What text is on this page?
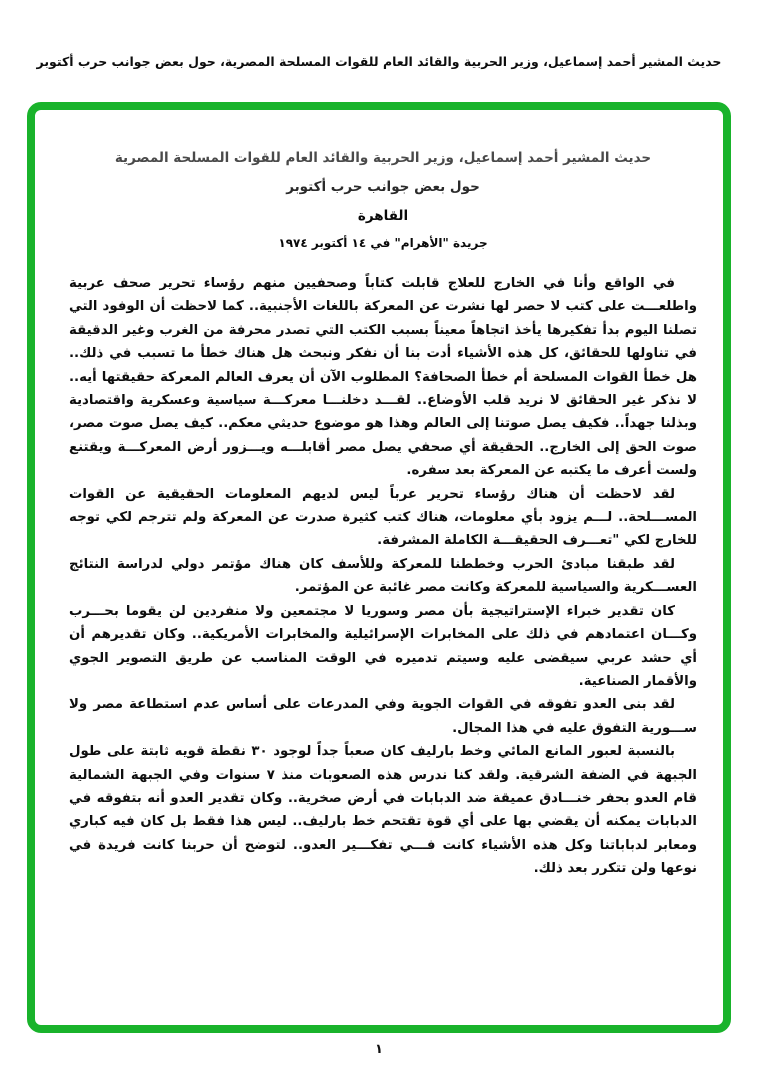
حديث المشير أحمد إسماعيل، وزير الحربية والقائد العام للقوات المسلحة المصرية، حول بعض جوانب حرب أكتوبر
حديث المشير أحمد إسماعيل، وزير الحربية والقائد العام للقوات المسلحة المصرية
حول بعض جوانب حرب أكتوبر
القاهرة
جريدة "الأهرام" في ١٤ أكتوبر ١٩٧٤

في الواقع وأنا في الخارج للعلاج قابلت كتاباً وصحفيين منهم رؤساء تحرير صحف عربية واطلعـــت على كتب لا حصر لها نشرت عن المعركة باللغات الأجنبية.. كما لاحظت أن الوفود التي تصلنا اليوم بدأ تفكيرها يأخذ اتجاهاً معيناً بسبب الكتب التي تصدر محرفة من الغرب وغير الدقيقة في تناولها للحقائق، كل هذه الأشياء أدت بنا أن نفكر ونبحث هل هناك خطأ ما تسبب في ذلك.. هل خطأ القوات المسلحة أم خطأ الصحافة؟ المطلوب الآن أن يعرف العالم المعركة حقيقتها أيه.. لا نذكر غير الحقائق لا نريد قلب الأوضاع.. لقـــد دخلنـــا معركـــة سياسية وعسكرية واقتصادية وبذلنا جهداً.. فكيف يصل صوتنا إلى العالم وهذا هو موضوع حديثي معكم.. كيف يصل صوت مصر، صوت الحق إلى الخارج.. الحقيقة أي صحفي يصل مصر أقابلـــه ويـــزور أرض المعركـــة ويقتنع ولست أعرف ما يكتبه عن المعركة بعد سفره.

لقد لاحظت أن هناك رؤساء تحرير عرباً ليس لديهم المعلومات الحقيقية عن القوات المســـلحة.. لـــم يزود بأي معلومات، هناك كتب كثيرة صدرت عن المعركة ولم تترجم لكي توجه للخارج لكي "تعـــرف الحقيقـــة الكاملة المشرفة.

لقد طبقنا مبادئ الحرب وخططنا للمعركة وللأسف كان هناك مؤتمر دولي لدراسة النتائج العســـكرية والسياسية للمعركة وكانت مصر غائبة عن المؤتمر.

كان تقدير خبراء الإستراتيجية بأن مصر وسوريا لا مجتمعين ولا منفردين لن يقوما بحـــرب وكـــان اعتمادهم في ذلك على المخابرات الإسرائيلية والمخابرات الأمريكية.. وكان تقديرهم أن أي حشد عربي سيقضى عليه وسيتم تدميره في الوقت المناسب عن طريق التصوير الجوي والأقمار الصناعية.

لقد بنى العدو تفوقه في القوات الجوية وفي المدرعات على أساس عدم استطاعة مصر ولا ســـورية التفوق عليه في هذا المجال.

بالنسبة لعبور المانع المائي وخط بارليف كان صعباً جداً لوجود ٣٠ نقطة قويه ثابتة على طول الجبهة في الضفة الشرقية. ولقد كنا ندرس هذه الصعوبات منذ ٧ سنوات وفي الجبهة الشمالية قام العدو بحفر خنـــادق عميقة ضد الدبابات في أرض صخرية.. وكان تقدير العدو أنه بتفوقه في الدبابات يمكنه أن يقضي بها على أي قوة تقتحم خط بارليف.. ليس هذا فقط بل كان فيه كباري ومعابر لدباباتنا وكل هذه الأشياء كانت فـــي تفكـــير العدو.. لتوضح أن حربنا كانت فريدة في نوعها ولن تتكرر بعد ذلك.

١
